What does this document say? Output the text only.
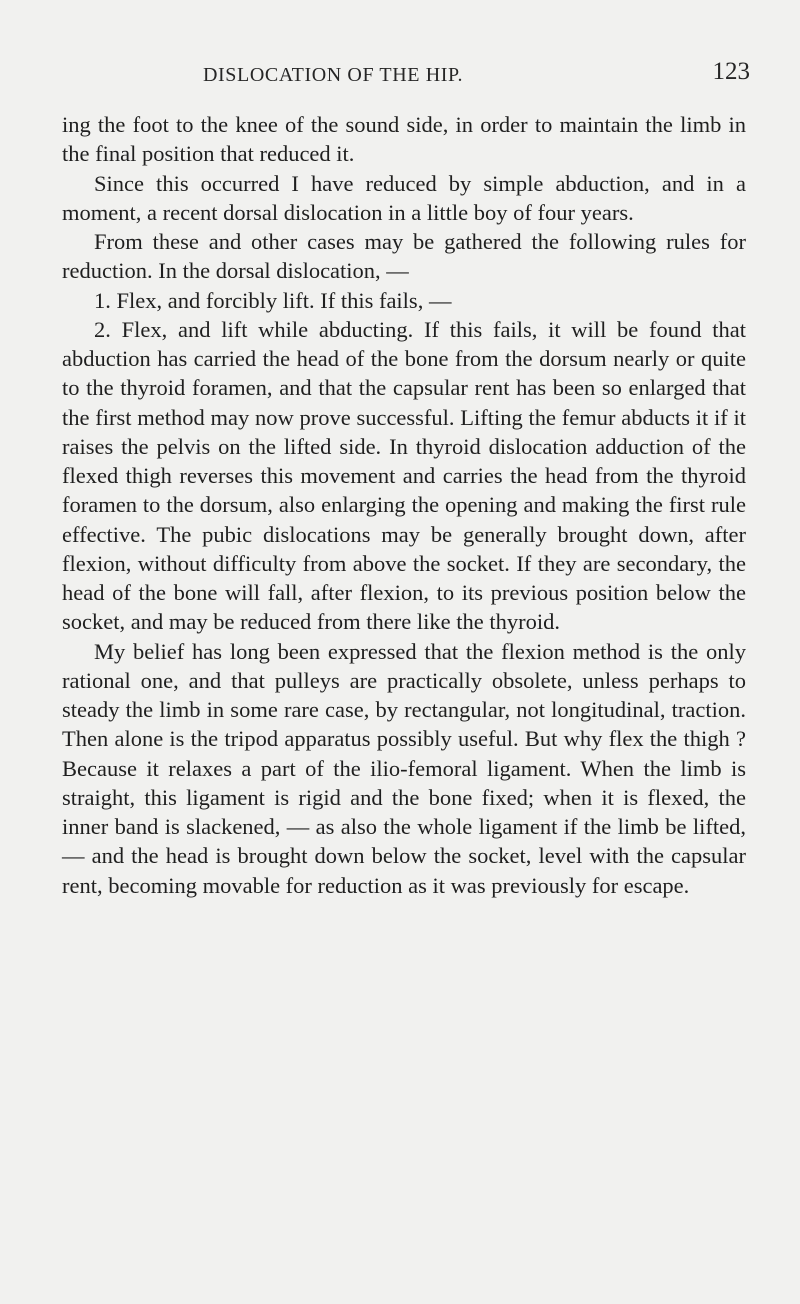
DISLOCATION OF THE HIP.	123

ing the foot to the knee of the sound side, in order to maintain the limb in the final position that reduced it.

Since this occurred I have reduced by simple abduction, and in a moment, a recent dorsal dislocation in a little boy of four years.

From these and other cases may be gathered the following rules for reduction. In the dorsal dislocation, —

1. Flex, and forcibly lift. If this fails, —

2. Flex, and lift while abducting. If this fails, it will be found that abduction has carried the head of the bone from the dorsum nearly or quite to the thyroid foramen, and that the capsular rent has been so enlarged that the first method may now prove successful. Lifting the femur abducts it if it raises the pelvis on the lifted side. In thyroid dislocation adduction of the flexed thigh reverses this movement and carries the head from the thyroid foramen to the dorsum, also enlarging the opening and making the first rule effective. The pubic dislocations may be generally brought down, after flexion, without difficulty from above the socket. If they are secondary, the head of the bone will fall, after flexion, to its previous position below the socket, and may be reduced from there like the thyroid.

My belief has long been expressed that the flexion method is the only rational one, and that pulleys are practically obsolete, unless perhaps to steady the limb in some rare case, by rectangular, not longitudinal, traction. Then alone is the tripod apparatus possibly useful. But why flex the thigh ? Because it relaxes a part of the ilio-femoral ligament. When the limb is straight, this ligament is rigid and the bone fixed; when it is flexed, the inner band is slackened, — as also the whole ligament if the limb be lifted, — and the head is brought down below the socket, level with the capsular rent, becoming movable for reduction as it was previously for escape.
